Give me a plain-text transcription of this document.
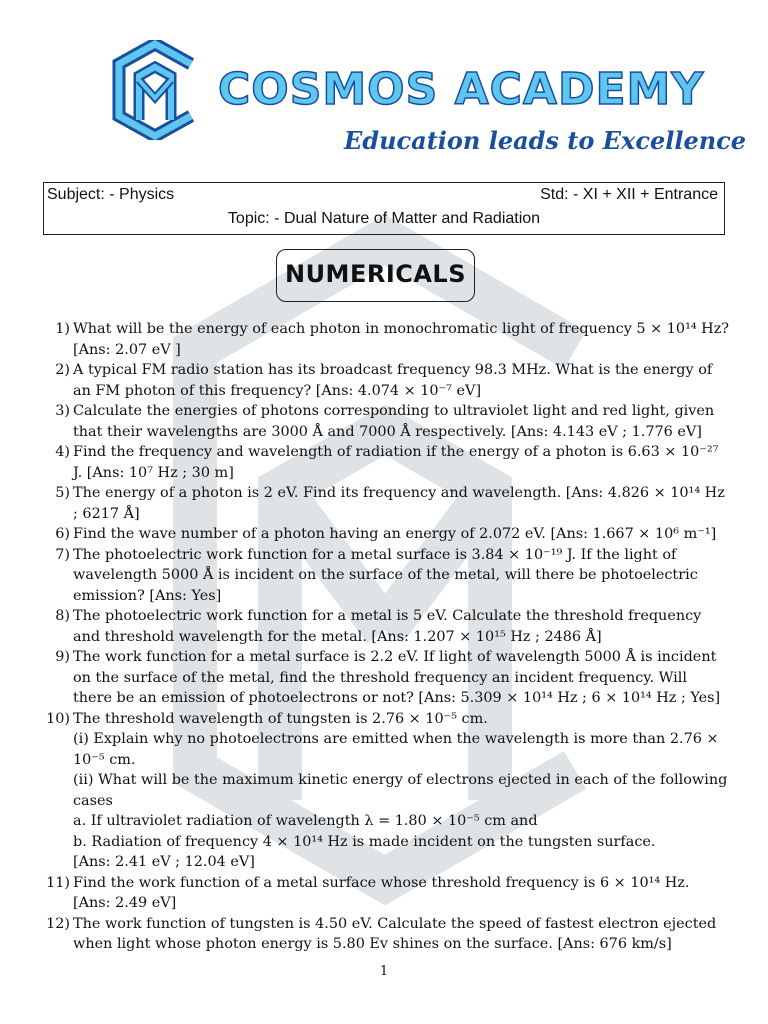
COSMOS ACADEMY
Education leads to Excellence
Subject: - Physics	Std: - XI + XII + Entrance
Topic: - Dual Nature of Matter and Radiation
NUMERICALS
1) What will be the energy of each photon in monochromatic light of frequency 5 × 10¹⁴ Hz? [Ans: 2.07 eV ]
2) A typical FM radio station has its broadcast frequency 98.3 MHz. What is the energy of an FM photon of this frequency? [Ans: 4.074 × 10⁻⁷ eV]
3) Calculate the energies of photons corresponding to ultraviolet light and red light, given that their wavelengths are 3000 Å and 7000 Å respectively. [Ans: 4.143 eV ; 1.776 eV]
4) Find the frequency and wavelength of radiation if the energy of a photon is 6.63 × 10⁻²⁷ J. [Ans: 10⁷ Hz ; 30 m]
5) The energy of a photon is 2 eV. Find its frequency and wavelength. [Ans: 4.826 × 10¹⁴ Hz ; 6217 Å]
6) Find the wave number of a photon having an energy of 2.072 eV. [Ans: 1.667 × 10⁶ m⁻¹]
7) The photoelectric work function for a metal surface is 3.84 × 10⁻¹⁹ J. If the light of wavelength 5000 Å is incident on the surface of the metal, will there be photoelectric emission? [Ans: Yes]
8) The photoelectric work function for a metal is 5 eV. Calculate the threshold frequency and threshold wavelength for the metal. [Ans: 1.207 × 10¹⁵ Hz ; 2486 Å]
9) The work function for a metal surface is 2.2 eV. If light of wavelength 5000 Å is incident on the surface of the metal, find the threshold frequency an incident frequency. Will there be an emission of photoelectrons or not? [Ans: 5.309 × 10¹⁴ Hz ; 6 × 10¹⁴ Hz ; Yes]
10) The threshold wavelength of tungsten is 2.76 × 10⁻⁵ cm.
(i) Explain why no photoelectrons are emitted when the wavelength is more than 2.76 × 10⁻⁵ cm.
(ii) What will be the maximum kinetic energy of electrons ejected in each of the following cases
a. If ultraviolet radiation of wavelength λ = 1.80 × 10⁻⁵ cm and
b. Radiation of frequency 4 × 10¹⁴ Hz is made incident on the tungsten surface.
[Ans: 2.41 eV ; 12.04 eV]
11) Find the work function of a metal surface whose threshold frequency is 6 × 10¹⁴ Hz. [Ans: 2.49 eV]
12) The work function of tungsten is 4.50 eV. Calculate the speed of fastest electron ejected when light whose photon energy is 5.80 Ev shines on the surface. [Ans: 676 km/s]
1
